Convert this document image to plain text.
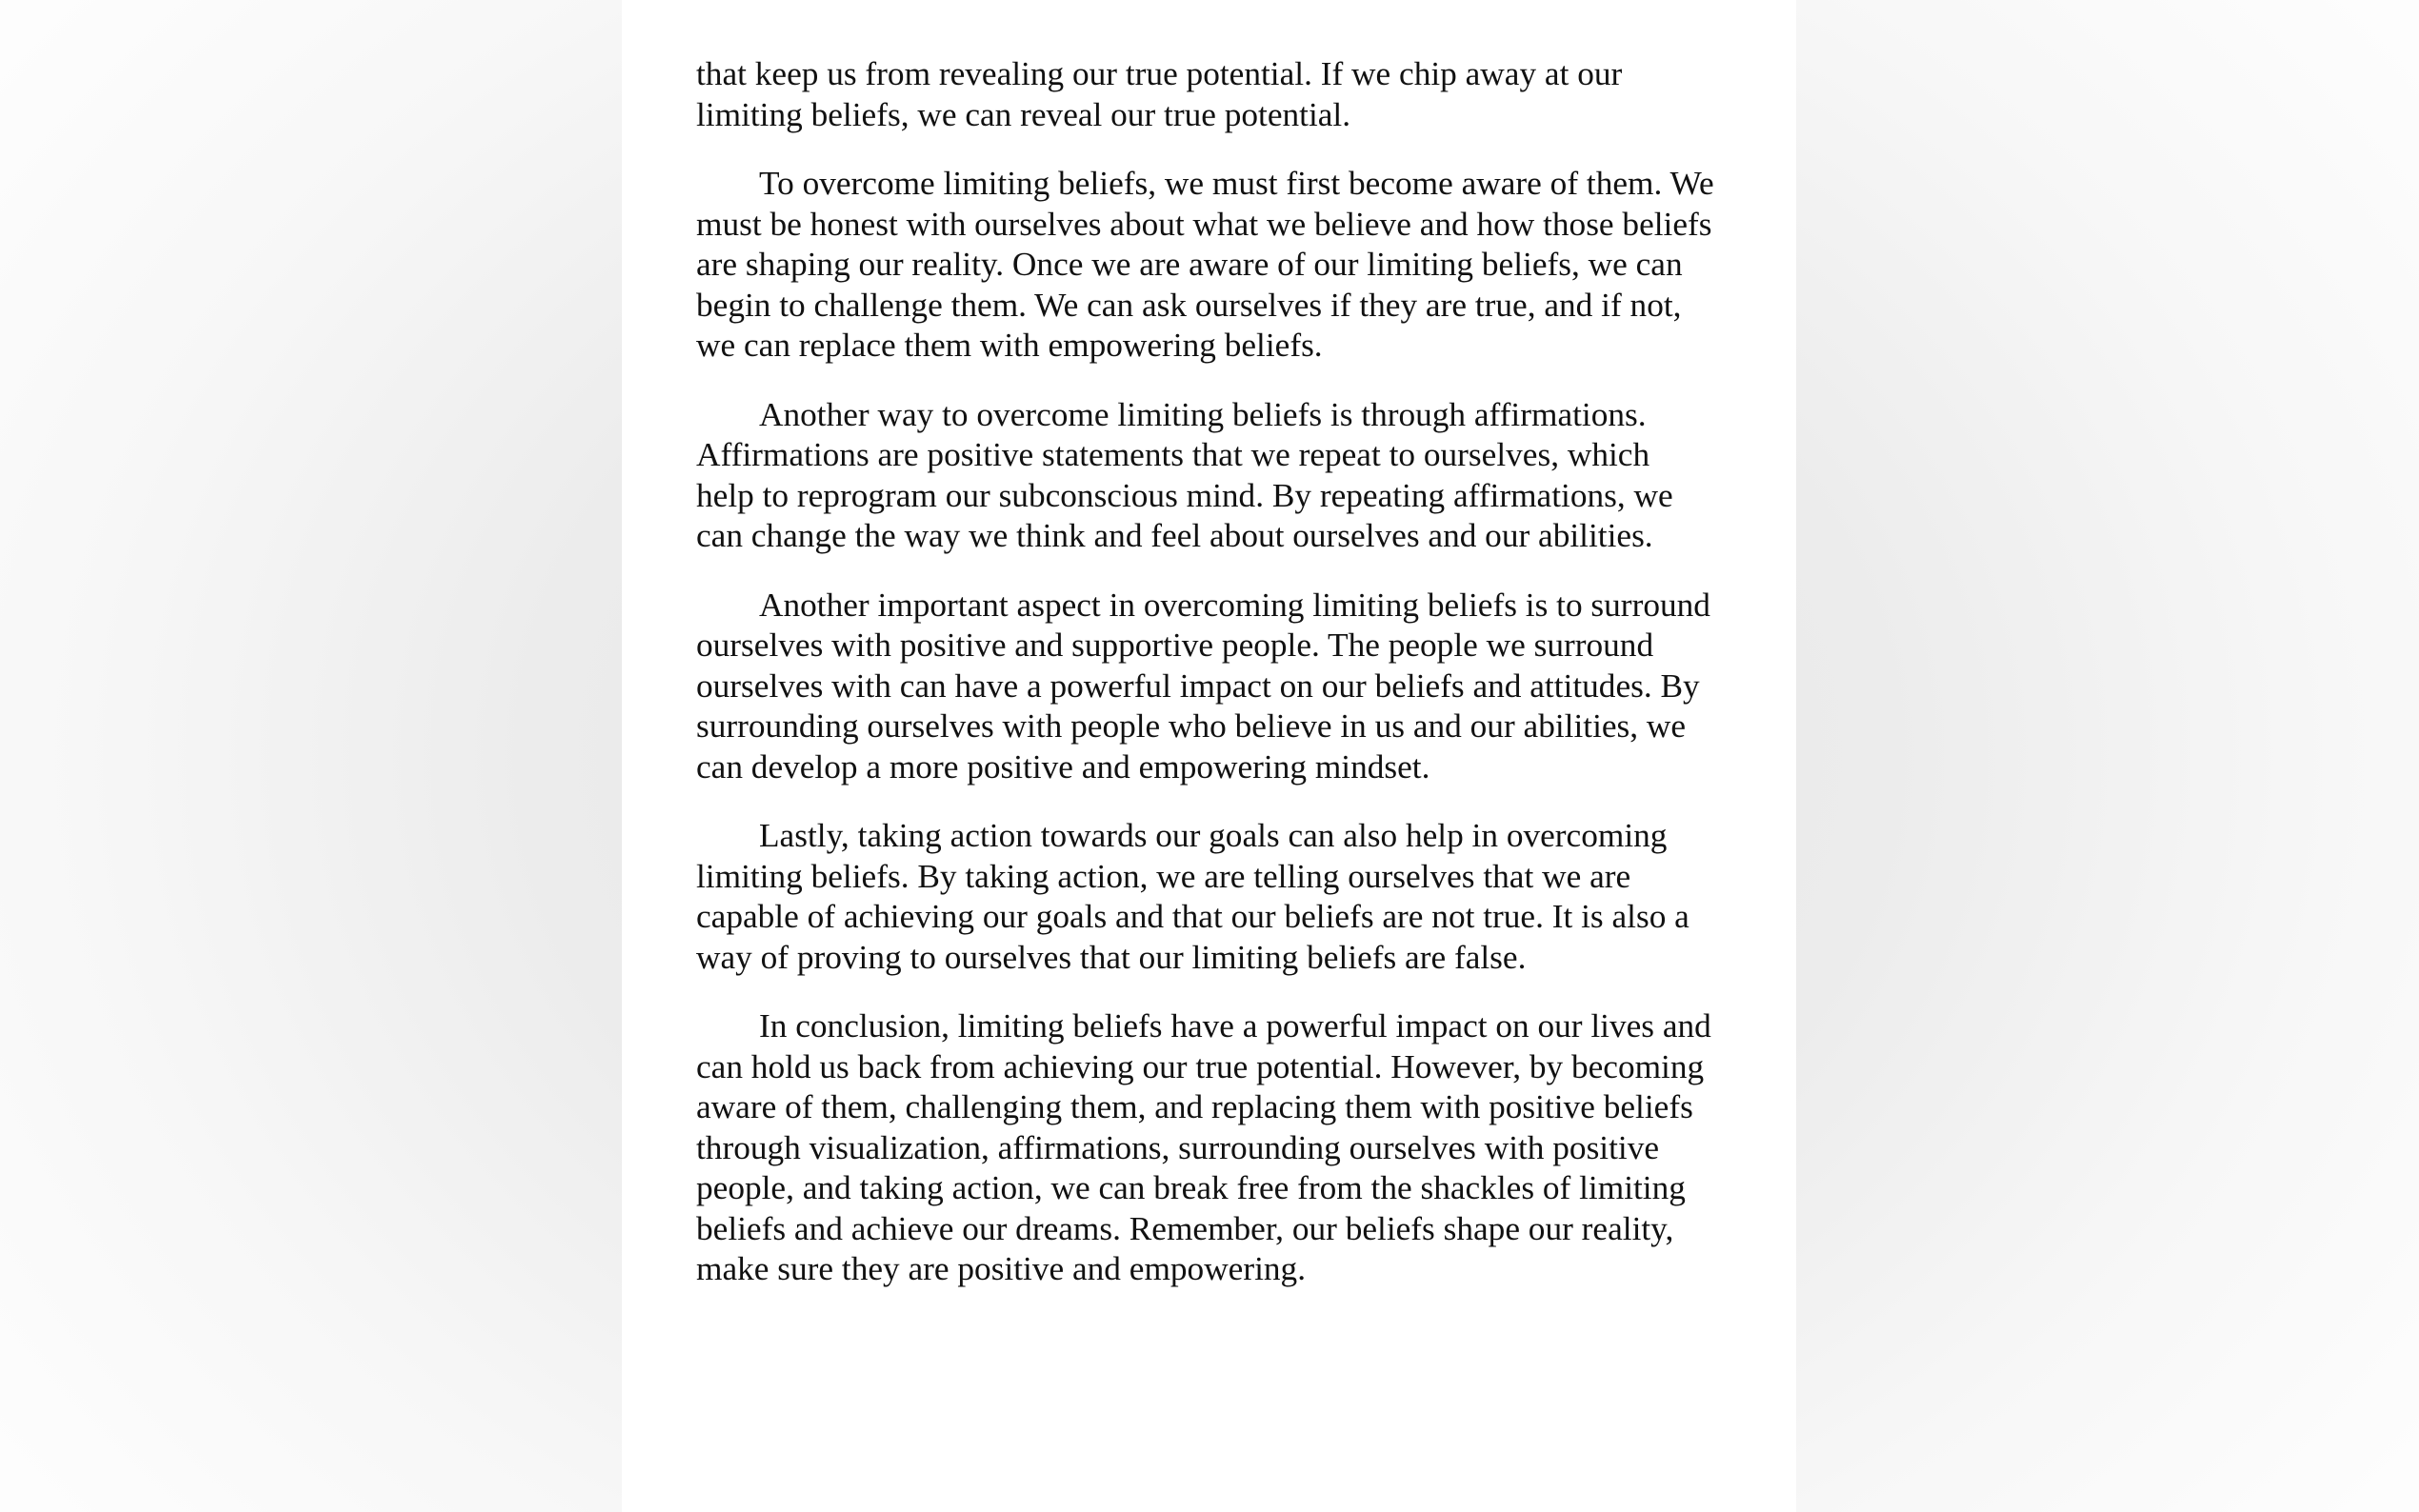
that keep us from revealing our true potential. If we chip away at our limiting beliefs, we can reveal our true potential.

To overcome limiting beliefs, we must first become aware of them. We must be honest with ourselves about what we believe and how those beliefs are shaping our reality. Once we are aware of our limiting beliefs, we can begin to challenge them. We can ask ourselves if they are true, and if not, we can replace them with empowering beliefs.

Another way to overcome limiting beliefs is through affirmations. Affirmations are positive statements that we repeat to ourselves, which help to reprogram our subconscious mind. By repeating affirmations, we can change the way we think and feel about ourselves and our abilities.

Another important aspect in overcoming limiting beliefs is to surround ourselves with positive and supportive people. The people we surround ourselves with can have a powerful impact on our beliefs and attitudes. By surrounding ourselves with people who believe in us and our abilities, we can develop a more positive and empowering mindset.

Lastly, taking action towards our goals can also help in overcoming limiting beliefs. By taking action, we are telling ourselves that we are capable of achieving our goals and that our beliefs are not true. It is also a way of proving to ourselves that our limiting beliefs are false.

In conclusion, limiting beliefs have a powerful impact on our lives and can hold us back from achieving our true potential. However, by becoming aware of them, challenging them, and replacing them with positive beliefs through visualization, affirmations, surrounding ourselves with positive people, and taking action, we can break free from the shackles of limiting beliefs and achieve our dreams. Remember, our beliefs shape our reality, make sure they are positive and empowering.
